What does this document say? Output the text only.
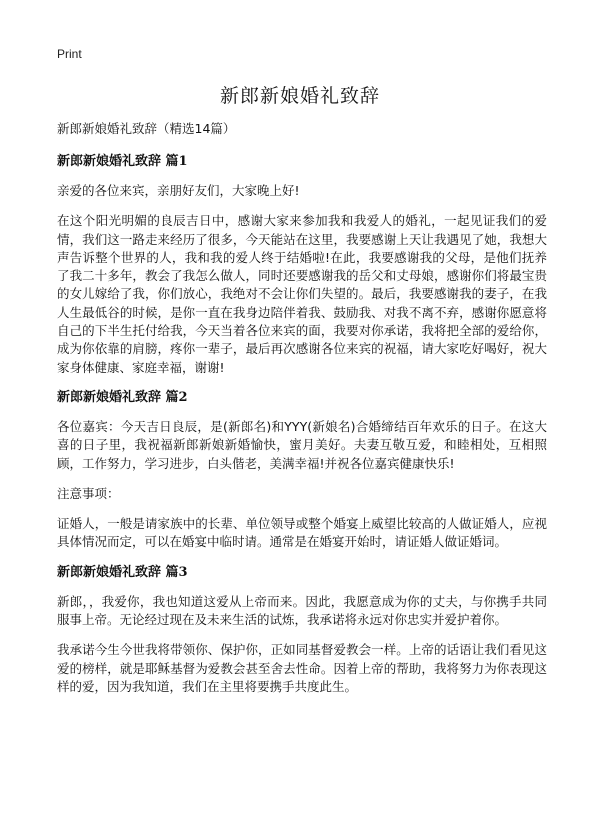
Print
新郎新娘婚礼致辞
新郎新娘婚礼致辞（精选14篇）
新郎新娘婚礼致辞 篇1

亲爱的各位来宾，亲朋好友们，大家晚上好!

在这个阳光明媚的良辰吉日中，感谢大家来参加我和我爱人的婚礼，一起见证我们的爱情，我们这一路走来经历了很多，今天能站在这里，我要感谢上天让我遇见了她，我想大声告诉整个世界的人，我和我的爱人终于结婚啦!在此，我要感谢我的父母，是他们抚养了我二十多年，教会了我怎么做人，同时还要感谢我的岳父和丈母娘，感谢你们将最宝贵的女儿嫁给了我，你们放心，我绝对不会让你们失望的。最后，我要感谢我的妻子，在我人生最低谷的时候，是你一直在我身边陪伴着我、鼓励我、对我不离不弃，感谢你愿意将自己的下半生托付给我，今天当着各位来宾的面，我要对你承诺，我将把全部的爱给你，成为你依靠的肩膀，疼你一辈子，最后再次感谢各位来宾的祝福，请大家吃好喝好，祝大家身体健康、家庭幸福，谢谢!

新郎新娘婚礼致辞 篇2

各位嘉宾：今天吉日良辰，是(新郎名)和YYY(新娘名)合婚缔结百年欢乐的日子。在这大喜的日子里，我祝福新郎新娘新婚愉快，蜜月美好。夫妻互敬互爱，和睦相处，互相照顾，工作努力，学习进步，白头偕老，美满幸福!并祝各位嘉宾健康快乐!

注意事项：

证婚人，一般是请家族中的长辈、单位领导或整个婚宴上威望比较高的人做证婚人，应视具体情况而定，可以在婚宴中临时请。通常是在婚宴开始时，请证婚人做证婚词。

新郎新娘婚礼致辞 篇3

新郎，，我爱你，我也知道这爱从上帝而来。因此，我愿意成为你的丈夫，与你携手共同服事上帝。无论经过现在及未来生活的试炼，我承诺将永远对你忠实并爱护着你。

我承诺今生今世我将带领你、保护你，正如同基督爱教会一样。上帝的话语让我们看见这爱的榜样，就是耶稣基督为爱教会甚至舍去性命。因着上帝的帮助，我将努力为你表现这样的爱，因为我知道，我们在主里将要携手共度此生。
